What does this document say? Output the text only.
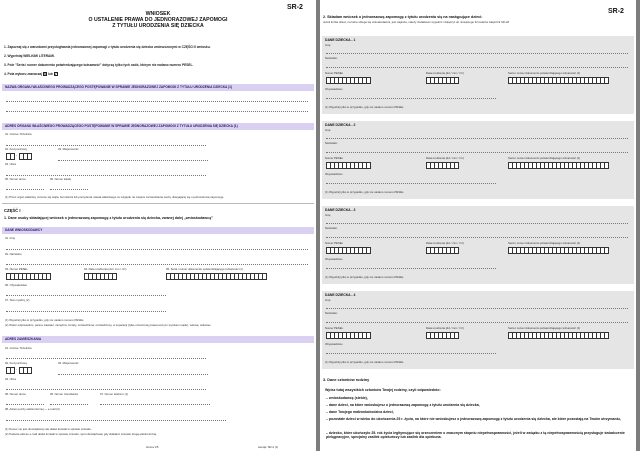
SR-2
WNIOSEK
O USTALENIE PRAWA DO JEDNORAZOWEJ ZAPOMOGI
Z TYTUŁU URODZENIA SIĘ DZIECKA
1. Zapoznaj się z warunkami przysługiwania jednorazowej zapomogi z tytułu urodzenia się dziecka umieszczonymi w CZĘŚCI II wniosku.
2. Wypełniaj WIELKIMI LITERAMI.
3. Pole "Seria i numer dokumentu potwierdzającego tożsamość" dotyczą tylko tych osób, którym nie nadano numeru PESEL.
4. Pola wyboru zaznaczaj X lub ✓
NAZWA ORGANU WŁAŚCIWEGO PROWADZĄCEGO POSTĘPOWANIE W SPRAWIE JEDNORAZOWEJ ZAPOMOGI Z TYTUŁU URODZENIA DZIECKA (1)
ADRES ORGANU WŁAŚCIWEGO PROWADZĄCEGO POSTĘPOWANIE W SPRAWIE JEDNORAZOWEJ ZAPOMOGI Z TYTUŁU URODZENIA SIĘ DZIECKA (1)
01. Gmina / Dzielnica
02. Kod pocztowy	03. Miejscowość
-
04. Ulica
05. Numer domu	06. Numer lokalu
(1) Przez organ właściwy rozumie się wójta, burmistrza lub prezydenta miasta właściwego ze względu na miejsce zamieszkania osoby ubiegającej się o jednorazową zapomogę.
CZĘŚĆ I
1. Dane osoby składającej wniosek o jednorazową zapomogę z tytułu urodzenia się dziecka, zwanej dalej „wnioskodawcą”
DANE WNIOSKODAWCY
01. Imię
02. Nazwisko
03. Numer PESEL	04. Data urodzenia (dd / mm / rrrr)	05. Seria i numer dokumentu potwierdzającego tożsamość (1)
06. Obywatelstwo
07. Stan cywilny (2)
(1) Wypełnij tylko w przypadku, gdy nie nadano numeru PESEL.
(2) Wpisz odpowiednio: panna, kawaler, zamężna, żonaty, rozwiedziona, rozwiedziony, w separacji (tylko orzeczonej prawomocnym wyrokiem sądu), wdowa, wdowiec.
ADRES ZAMIESZKANIA
01. Gmina / Dzielnica
02. Kod pocztowy	03. Miejscowość
-
04. Ulica
05. Numer domu	06. Numer mieszkania	07. Numer telefonu (1)
08. Adres poczty elektronicznej — e-mail (2)
(1) Numer nie jest obowiązkowy ale ułatwi kontakt w sprawie wniosku.
(2) Podanie adresu e-mail ułatwi kontakt w sprawie wniosku i jest obowiązkowe gdy składasz wniosek drogą elektroniczną.
strona 1/5	wersja: SR-2 (1)
SR-2
2. Składam wniosek o jednorazową zapomogę z tytułu urodzenia się na następujące dzieci:
Jeżeli liczba dzieci, na które ubiega się wnioskodawca, jest większa, należy dodatkowo wypełnić i dołączyć do niniejszego formularza załącznik SR-2Z
DANE DZIECKA - 1
Imię:
Nazwisko:
Numer PESEL	Data urodzenia (dd / mm / rrrr)	Seria i numer dokumentu potwierdzającego tożsamość (1)
Obywatelstwo
(1) Wypełnij tylko w przypadku, gdy nie nadano numeru PESEL.
DANE DZIECKA - 2
Imię:
Nazwisko:
Numer PESEL	Data urodzenia (dd / mm / rrrr)	Seria i numer dokumentu potwierdzającego tożsamość (1)
Obywatelstwo
(1) Wypełnij tylko w przypadku, gdy nie nadano numeru PESEL.
DANE DZIECKA - 3
Imię:
Nazwisko:
Numer PESEL	Data urodzenia (dd / mm / rrrr)	Seria i numer dokumentu potwierdzającego tożsamość (1)
Obywatelstwo
(1) Wypełnij tylko w przypadku, gdy nie nadano numeru PESEL.
DANE DZIECKA - 4
Imię:
Nazwisko:
Numer PESEL	Data urodzenia (dd / mm / rrrr)	Seria i numer dokumentu potwierdzającego tożsamość (1)
Obywatelstwo
(1) Wypełnij tylko w przypadku, gdy nie nadano numeru PESEL.
3. Dane członków rodziny
Wpisz tutaj wszystkich członków Twojej rodziny, czyli odpowiednio:
– wnioskodawcę (siebie),
– dane dzieci, na które wnioskujesz o jednorazową zapomogę z tytułu urodzenia się dziecka,
– dane Twojego małżonka/rodzica dzieci,
– pozostałe dzieci w wieku do ukończenia 25 r. życia, na które nie wnioskujesz o jednorazową zapomogę z tytułu urodzenia się dziecka, ale które pozostają na Twoim utrzymaniu,
– dziecko, które ukończyło 25. rok życia legitymujące się orzeczeniem o znacznym stopniu niepełnosprawności, jeżeli w związku z tą niepełnosprawnością przysługuje świadczenie pielęgnacyjne, specjalny zasiłek opiekuńczy lub zasiłek dla opiekuna.
